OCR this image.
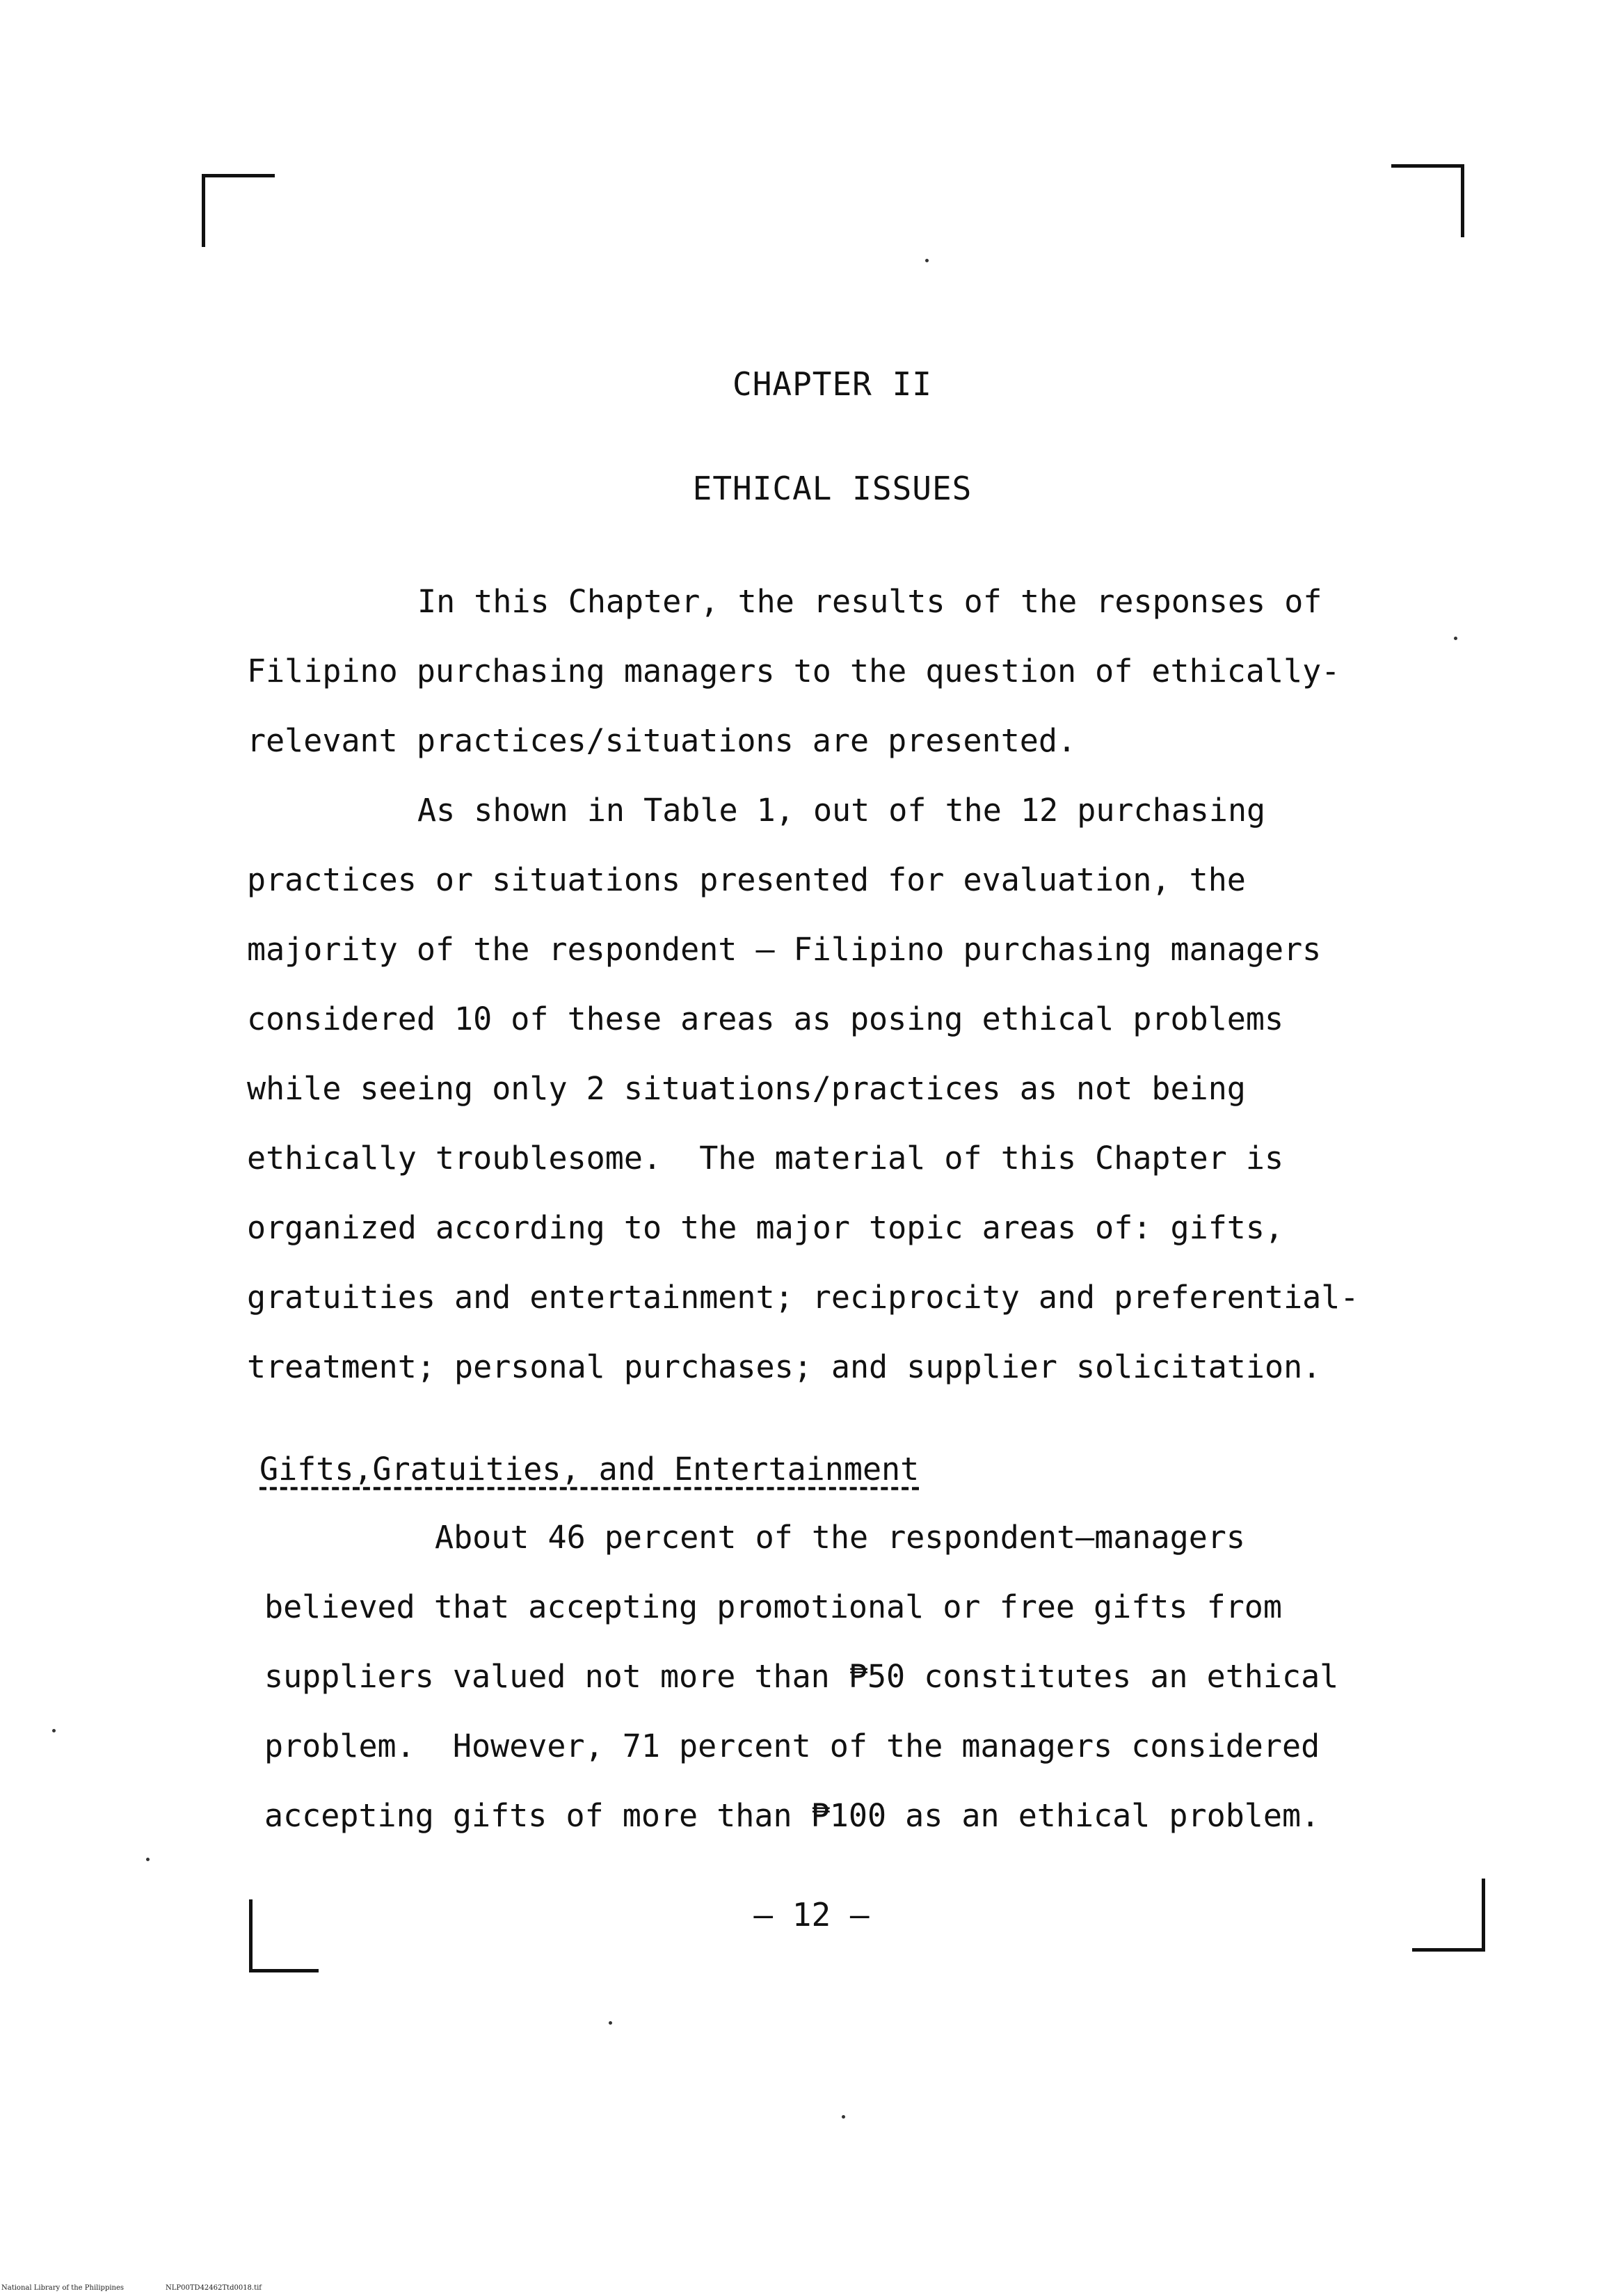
CHAPTER II
ETHICAL ISSUES
In this Chapter, the results of the responses of
Filipino purchasing managers to the question of ethically-
relevant practices/situations are presented.
As shown in Table 1, out of the 12 purchasing
practices or situations presented for evaluation, the
majority of the respondent – Filipino purchasing managers
considered 10 of these areas as posing ethical problems
while seeing only 2 situations/practices as not being
ethically troublesome.  The material of this Chapter is
organized according to the major topic areas of: gifts,
gratuities and entertainment; reciprocity and preferential-
treatment; personal purchases; and supplier solicitation.
Gifts,Gratuities, and Entertainment
About 46 percent of the respondent–managers
believed that accepting promotional or free gifts from
suppliers valued not more than ₱50 constitutes an ethical
problem.  However, 71 percent of the managers considered
accepting gifts of more than ₱100 as an ethical problem.
– 12 –
National Library of the Philippines	NLP00TD42462Ttd0018.tif
